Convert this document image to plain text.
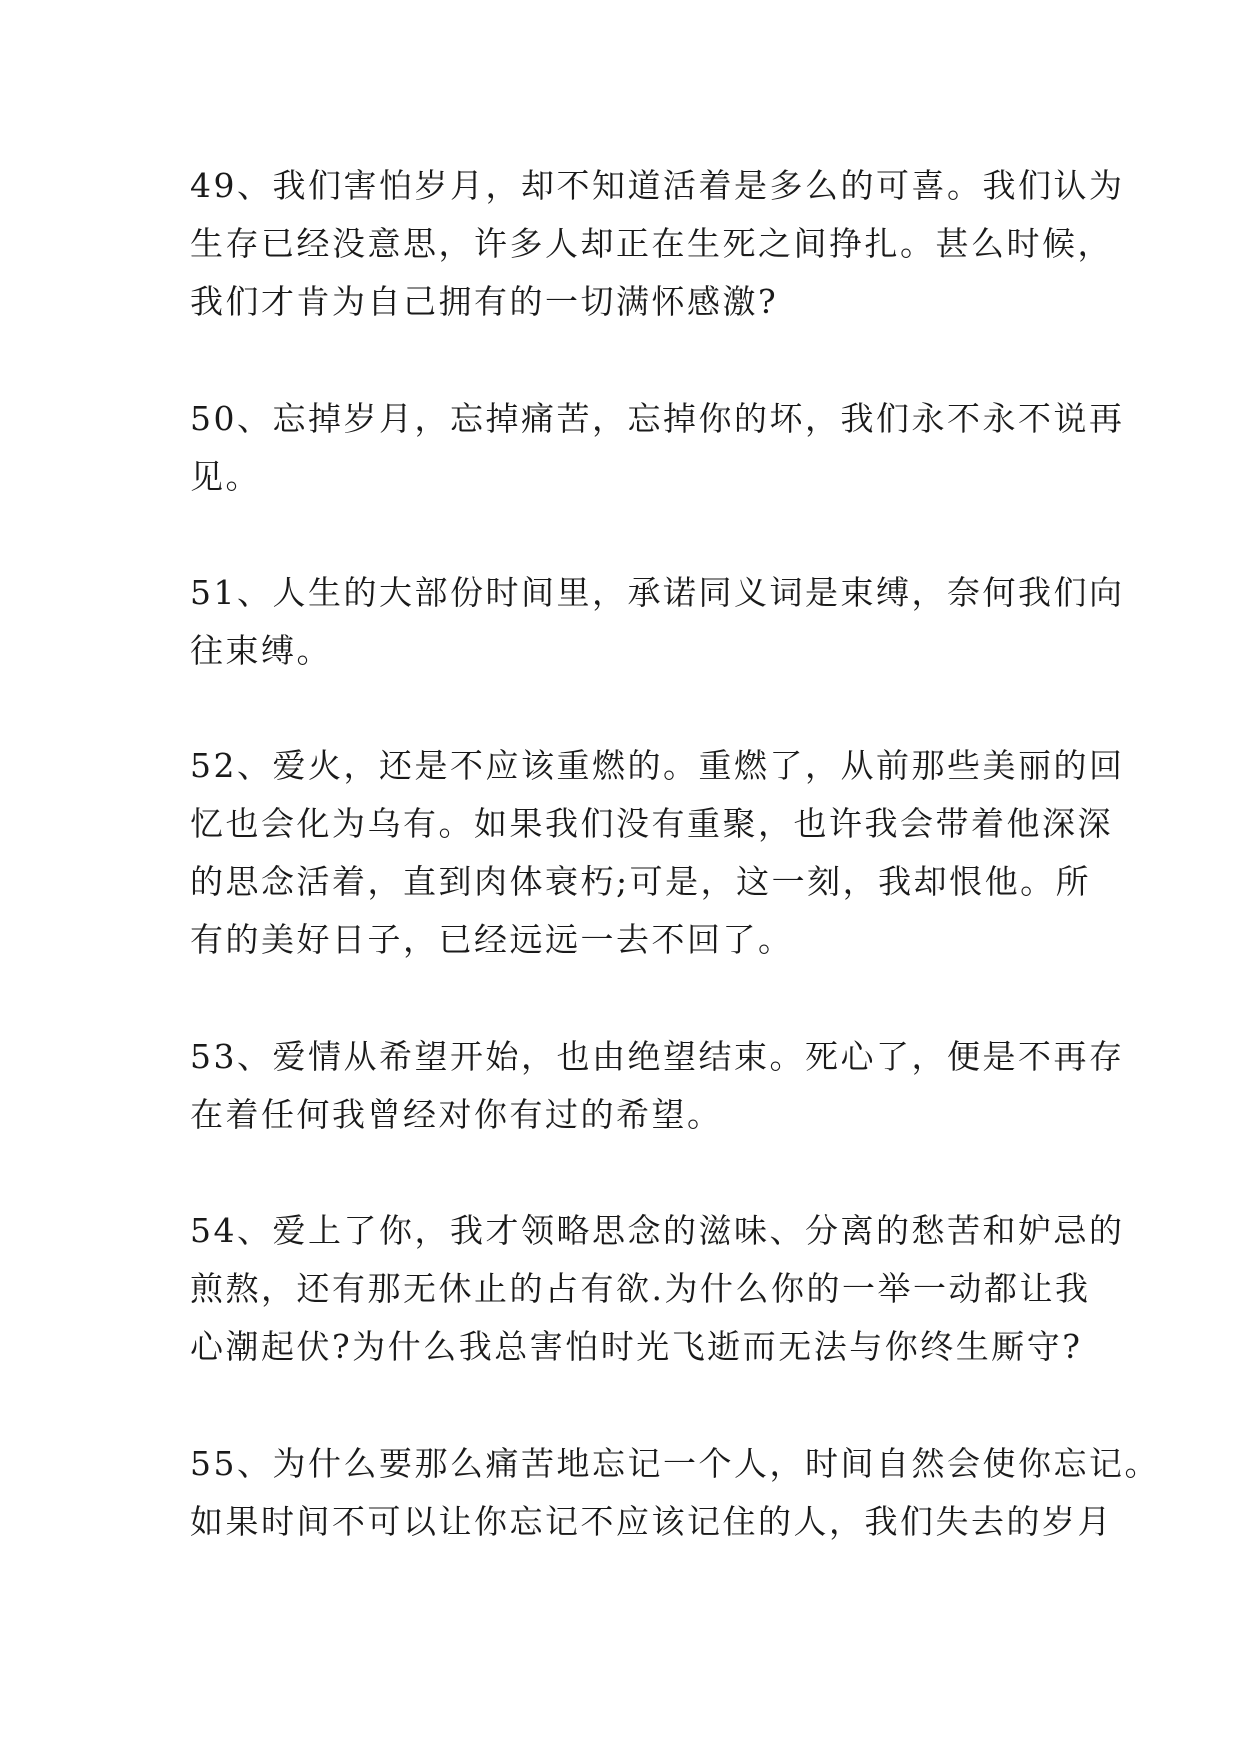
49、我们害怕岁月，却不知道活着是多么的可喜。我们认为
生存已经没意思，许多人却正在生死之间挣扎。甚么时候，
我们才肯为自己拥有的一切满怀感激?

50、忘掉岁月，忘掉痛苦，忘掉你的坏，我们永不永不说再
见。

51、人生的大部份时间里，承诺同义词是束缚，奈何我们向
往束缚。

52、爱火，还是不应该重燃的。重燃了，从前那些美丽的回
忆也会化为乌有。如果我们没有重聚，也许我会带着他深深
的思念活着，直到肉体衰朽;可是，这一刻，我却恨他。所
有的美好日子，已经远远一去不回了。

53、爱情从希望开始，也由绝望结束。死心了，便是不再存
在着任何我曾经对你有过的希望。

54、爱上了你，我才领略思念的滋味、分离的愁苦和妒忌的
煎熬，还有那无休止的占有欲.为什么你的一举一动都让我
心潮起伏?为什么我总害怕时光飞逝而无法与你终生厮守?

55、为什么要那么痛苦地忘记一个人，时间自然会使你忘记。
如果时间不可以让你忘记不应该记住的人，我们失去的岁月
